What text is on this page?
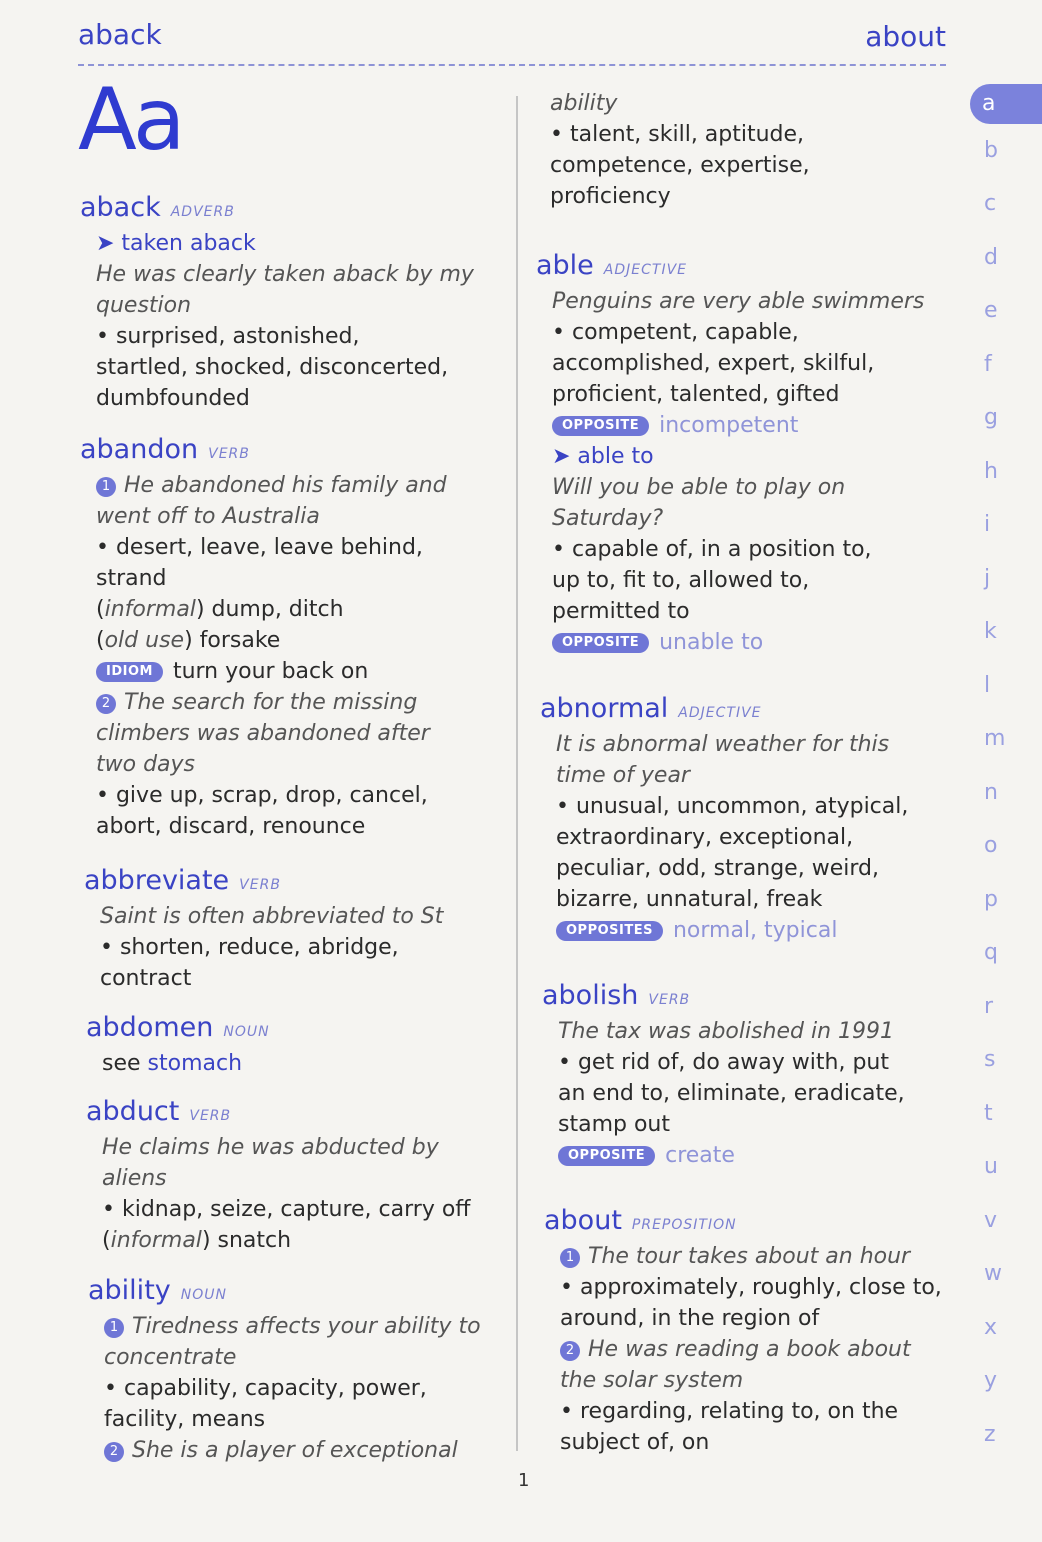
aback	about
Aa
aback ADVERB
➤ taken aback
He was clearly taken aback by my
question
• surprised, astonished,
startled, shocked, disconcerted,
dumbfounded
abandon VERB
1 He abandoned his family and
went off to Australia
• desert, leave, leave behind,
strand
(informal) dump, ditch
(old use) forsake
IDIOM turn your back on
2 The search for the missing
climbers was abandoned after
two days
• give up, scrap, drop, cancel,
abort, discard, renounce
abbreviate VERB
Saint is often abbreviated to St
• shorten, reduce, abridge,
contract
abdomen NOUN
see stomach
abduct VERB
He claims he was abducted by
aliens
• kidnap, seize, capture, carry off
(informal) snatch
ability NOUN
1 Tiredness affects your ability to
concentrate
• capability, capacity, power,
facility, means
2 She is a player of exceptional
ability
• talent, skill, aptitude,
competence, expertise,
proficiency
able ADJECTIVE
Penguins are very able swimmers
• competent, capable,
accomplished, expert, skilful,
proficient, talented, gifted
OPPOSITE incompetent
➤ able to
Will you be able to play on
Saturday?
• capable of, in a position to,
up to, fit to, allowed to,
permitted to
OPPOSITE unable to
abnormal ADJECTIVE
It is abnormal weather for this
time of year
• unusual, uncommon, atypical,
extraordinary, exceptional,
peculiar, odd, strange, weird,
bizarre, unnatural, freak
OPPOSITES normal, typical
abolish VERB
The tax was abolished in 1991
• get rid of, do away with, put
an end to, eliminate, eradicate,
stamp out
OPPOSITE create
about PREPOSITION
1 The tour takes about an hour
• approximately, roughly, close to,
around, in the region of
2 He was reading a book about
the solar system
• regarding, relating to, on the
subject of, on
a
b
c
d
e
f
g
h
i
j
k
l
m
n
o
p
q
r
s
t
u
v
w
x
y
z
1
